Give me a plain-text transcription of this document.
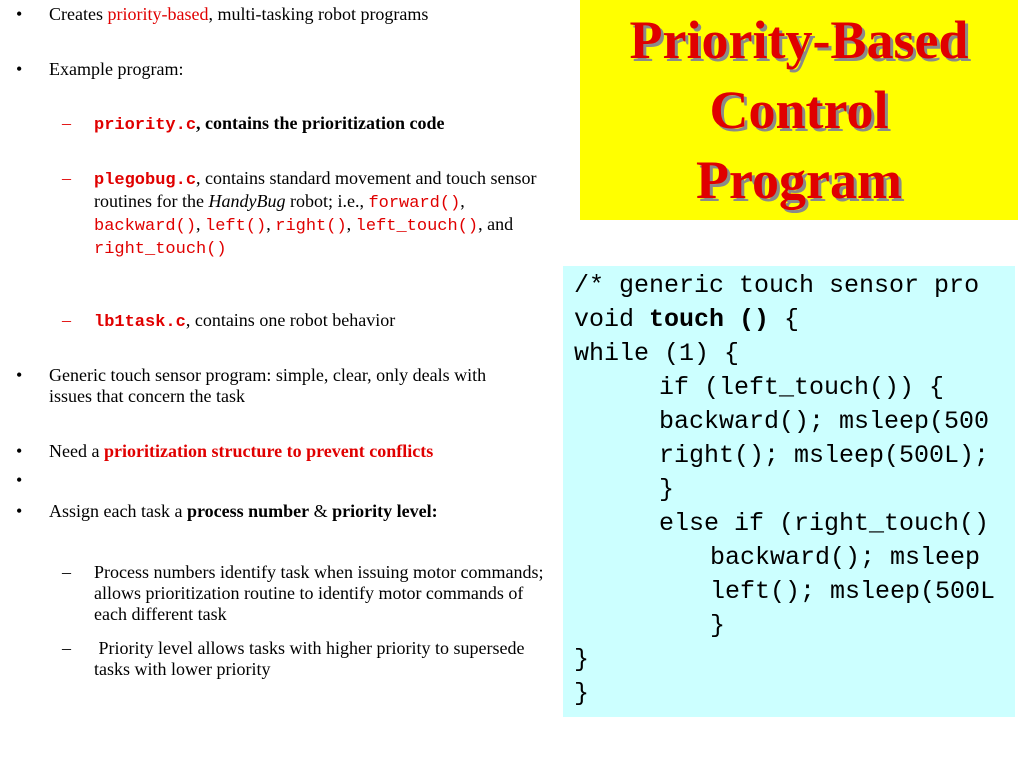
• Creates priority-based, multi-tasking robot programs
• Example program:
– priority.c, contains the prioritization code
– plegobug.c, contains standard movement and touch sensor routines for the HandyBug robot; i.e., forward(), backward(), left(), right(), left_touch(), and right_touch()
– lb1task.c, contains one robot behavior
• Generic touch sensor program: simple, clear, only deals with issues that concern the task
• Need a prioritization structure to prevent conflicts
•
• Assign each task a process number & priority level:
– Process numbers identify task when issuing motor commands; allows prioritization routine to identify motor commands of each different task
– Priority level allows tasks with higher priority to supersede tasks with lower priority
Priority-Based
Control
Program
/* generic touch sensor pro
void touch () {
while (1) {
if (left_touch()) {
backward(); msleep(500
right(); msleep(500L);
}
else if (right_touch()
backward(); msleep
left(); msleep(500L
}
}
}
